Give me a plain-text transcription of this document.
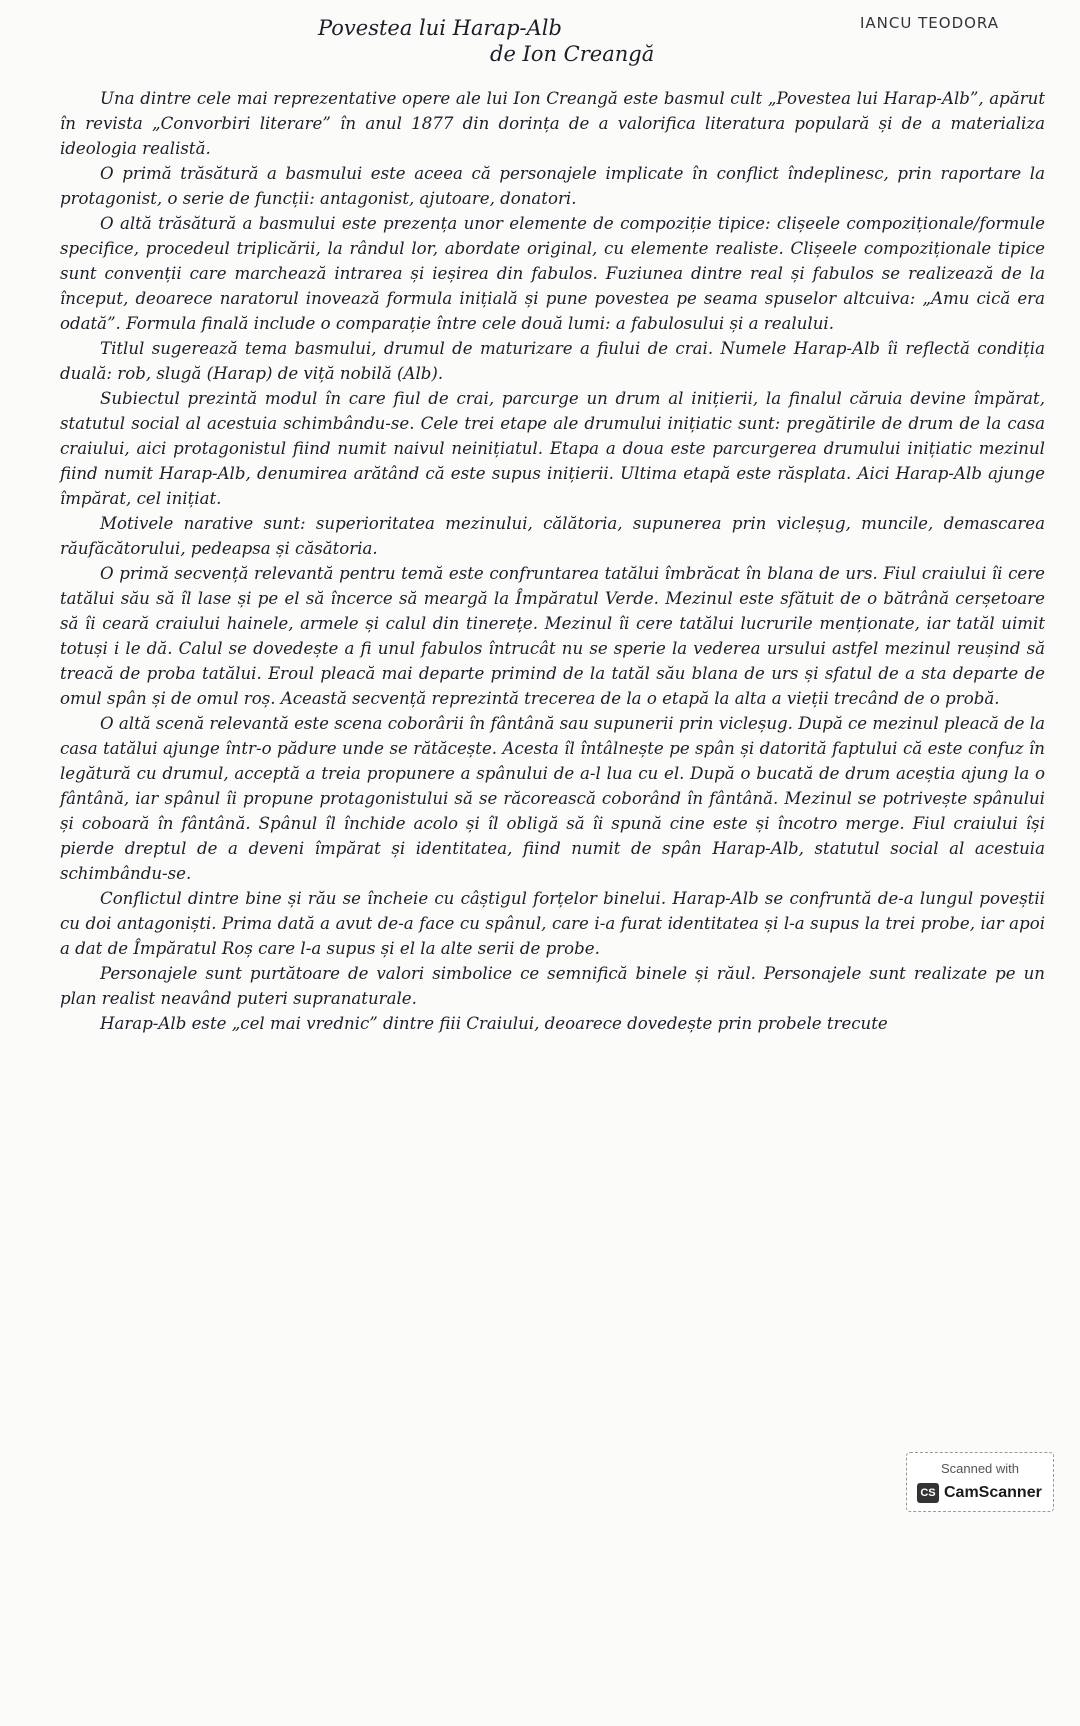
Povestea lui Harap-Alb
de Ion Creangă
IANCU TEODORA

Una dintre cele mai reprezentative opere ale lui Ion Creangă este basmul cult „Povestea lui Harap-Alb”, apărut în revista „Convorbiri literare” în anul 1877 din dorința de a valorifica literatura populară și de a materializa ideologia realistă.

O primă trăsătură a basmului este aceea că personajele implicate în conflict îndeplinesc, prin raportare la protagonist, o serie de funcții: antagonist, ajutoare, donatori.

O altă trăsătură a basmului este prezența unor elemente de compoziție tipice: clișeele compoziționale/formule specifice, procedeul triplicării, la rândul lor, abordate original, cu elemente realiste. Clișeele compoziționale tipice sunt convenții care marchează intrarea și ieșirea din fabulos. Fuziunea dintre real și fabulos se realizează de la început, deoarece naratorul inovează formula inițială și pune povestea pe seama spuselor altcuiva: „Amu cică era odată”. Formula finală include o comparație între cele două lumi: a fabulosului și a realului.

Titlul sugerează tema basmului, drumul de maturizare a fiului de crai. Numele Harap-Alb îi reflectă condiția duală: rob, slugă (Harap) de viță nobilă (Alb).

Subiectul prezintă modul în care fiul de crai, parcurge un drum al inițierii, la finalul căruia devine împărat, statutul social al acestuia schimbându-se. Cele trei etape ale drumului inițiatic sunt: pregătirile de drum de la casa craiului, aici protagonistul fiind numit naivul neinițiatul. Etapa a doua este parcurgerea drumului inițiatic mezinul fiind numit Harap-Alb, denumirea arătând că este supus inițierii. Ultima etapă este răsplata. Aici Harap-Alb ajunge împărat, cel inițiat.

Motivele narative sunt: superioritatea mezinului, călătoria, supunerea prin vicleșug, muncile, demascarea răufăcătorului, pedeapsa și căsătoria.

O primă secvență relevantă pentru temă este confruntarea tatălui îmbrăcat în blana de urs. Fiul craiului îi cere tatălui său să îl lase și pe el să încerce să meargă la Împăratul Verde. Mezinul este sfătuit de o bătrână cerșetoare să îi ceară craiului hainele, armele și calul din tinerețe. Mezinul îi cere tatălui lucrurile menționate, iar tatăl uimit totuși i le dă. Calul se dovedește a fi unul fabulos întrucât nu se sperie la vederea ursului astfel mezinul reușind să treacă de proba tatălui. Eroul pleacă mai departe primind de la tatăl său blana de urs și sfatul de a sta departe de omul spân și de omul roș. Această secvență reprezintă trecerea de la o etapă la alta a vieții trecând de o probă.

O altă scenă relevantă este scena coborârii în fântână sau supunerii prin vicleșug. După ce mezinul pleacă de la casa tatălui ajunge într-o pădure unde se rătăcește. Acesta îl întâlnește pe spân și datorită faptului că este confuz în legătură cu drumul, acceptă a treia propunere a spânului de a-l lua cu el. După o bucată de drum aceștia ajung la o fântână, iar spânul îi propune protagonistului să se răcorească coborând în fântână. Mezinul se potrivește spânului și coboară în fântână. Spânul îl închide acolo și îl obligă să îi spună cine este și încotro merge. Fiul craiului își pierde dreptul de a deveni împărat și identitatea, fiind numit de spân Harap-Alb, statutul social al acestuia schimbându-se.

Conflictul dintre bine și rău se încheie cu câștigul forțelor binelui. Harap-Alb se confruntă de-a lungul poveștii cu doi antagoniști. Prima dată a avut de-a face cu spânul, care i-a furat identitatea și l-a supus la trei probe, iar apoi a dat de Împăratul Roș care l-a supus și el la alte serii de probe.

Personajele sunt purtătoare de valori simbolice ce semnifică binele și răul. Personajele sunt realizate pe un plan realist neavând puteri supranaturale.

Harap-Alb este „cel mai vrednic” dintre fiii Craiului, deoarece dovedește prin probele trecute

Scanned with
CS CamScanner
